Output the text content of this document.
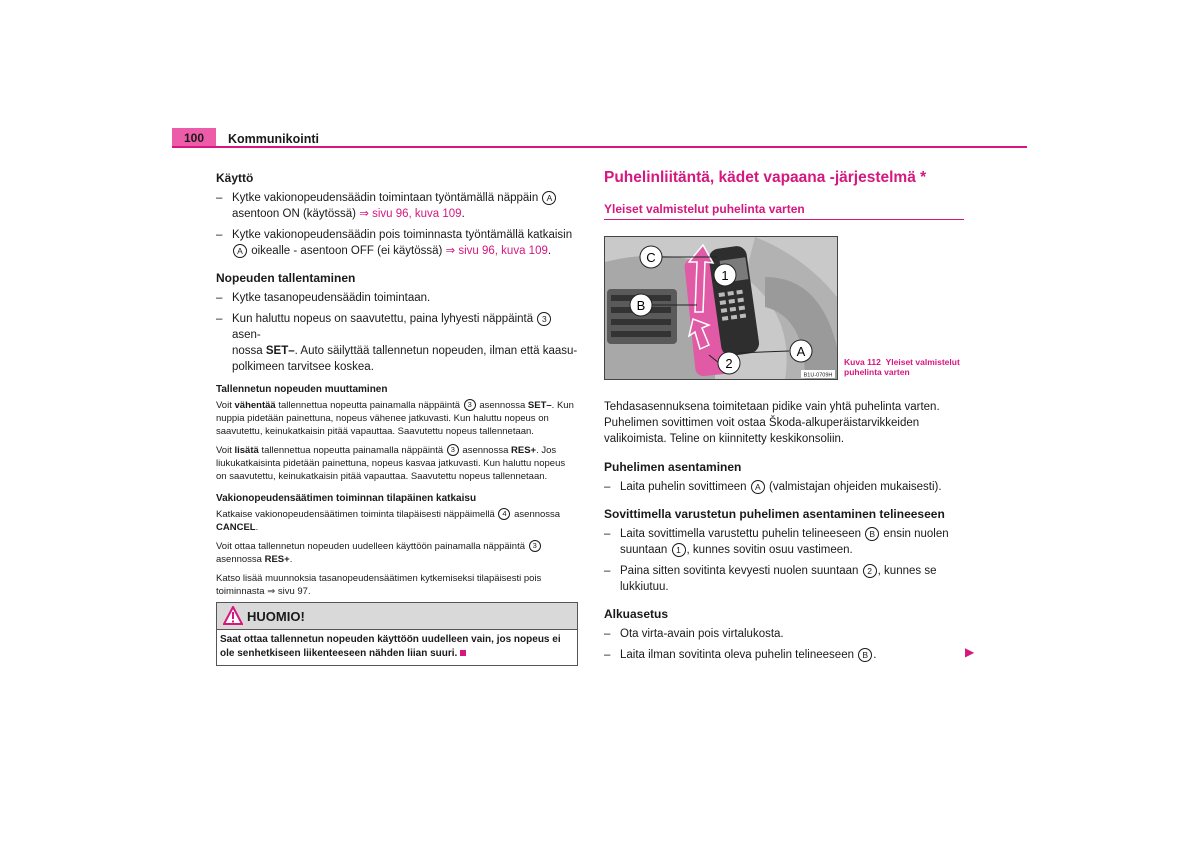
100	Kommunikointi
Käyttö

– Kytke vakionopeudensäädin toimintaan työntämällä näppäin A
asentoon ON (käytössä) ⇒ sivu 96, kuva 109.

– Kytke vakionopeudensäädin pois toiminnasta työntämällä katkaisin
A oikealle - asentoon OFF (ei käytössä) ⇒ sivu 96, kuva 109.

Nopeuden tallentaminen

– Kytke tasanopeudensäädin toimintaan.

– Kun haluttu nopeus on saavutettu, paina lyhyesti näppäintä 3 asen-
nossa SET–. Auto säilyttää tallennetun nopeuden, ilman että kaasu-
polkimeen tarvitsee koskea.

Tallennetun nopeuden muuttaminen

Voit vähentää tallennettua nopeutta painamalla näppäintä 3 asennossa SET–. Kun nuppia pidetään painettuna, nopeus vähenee jatkuvasti. Kun haluttu nopeus on saavutettu, keinukatkaisin pitää vapauttaa. Saavutettu nopeus tallennetaan.

Voit lisätä tallennettua nopeutta painamalla näppäintä 3 asennossa RES+. Jos liukukatkaisinta pidetään painettuna, nopeus kasvaa jatkuvasti. Kun haluttu nopeus on saavutettu, keinukatkaisin pitää vapauttaa. Saavutettu nopeus tallennetaan.

Vakionopeudensäätimen toiminnan tilapäinen katkaisu

Katkaise vakionopeudensäätimen toiminta tilapäisesti näppäimellä 4 asennossa CANCEL.

Voit ottaa tallennetun nopeuden uudelleen käyttöön painamalla näppäintä 3 asennossa RES+.

Katso lisää muunnoksia tasanopeudensäätimen kytkemiseksi tilapäisesti pois toiminnasta ⇒ sivu 97.

HUOMIO!
Saat ottaa tallennetun nopeuden käyttöön uudelleen vain, jos nopeus ei ole senhetkiseen liikenteeseen nähden liian suuri.
Puhelinliitäntä, kädet vapaana -järjestelmä *
Yleiset valmistelut puhelinta varten
C
B
A
1
2
B1U-0709H
Kuva 112 Yleiset valmistelut puhelinta varten

Tehdasasennuksena toimitetaan pidike vain yhtä puhelinta varten. Puhelimen sovittimen voit ostaa Škoda-alkuperäistarvikkeiden valikoimista. Teline on kiinnitetty keskikonsoliin.

Puhelimen asentaminen

– Laita puhelin sovittimeen A (valmistajan ohjeiden mukaisesti).

Sovittimella varustetun puhelimen asentaminen telineeseen

– Laita sovittimella varustettu puhelin telineeseen B ensin nuolen
suuntaan 1 , kunnes sovitin osuu vastimeen.

– Paina sitten sovitinta kevyesti nuolen suuntaan 2 , kunnes se
lukkiutuu.

Alkuasetus

– Ota virta-avain pois virtalukosta.

– Laita ilman sovitinta oleva puhelin telineeseen B .	▶
